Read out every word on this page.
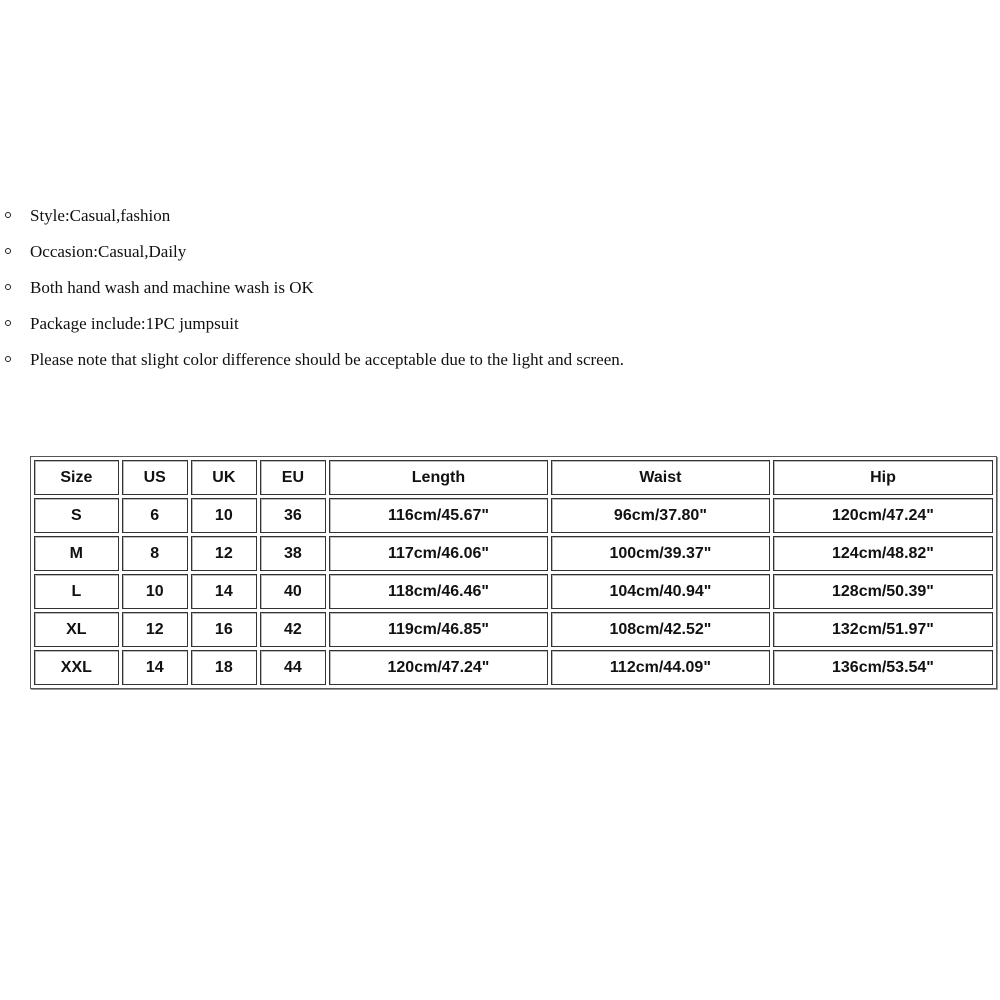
Style:Casual,fashion
Occasion:Casual,Daily
Both hand wash and machine wash is OK
Package include:1PC jumpsuit
Please note that slight color difference should be acceptable due to the light and screen.
Size	US	UK	EU	Length	Waist	Hip
S	6	10	36	116cm/45.67"	96cm/37.80"	120cm/47.24"
M	8	12	38	117cm/46.06"	100cm/39.37"	124cm/48.82"
L	10	14	40	118cm/46.46"	104cm/40.94"	128cm/50.39"
XL	12	16	42	119cm/46.85"	108cm/42.52"	132cm/51.97"
XXL	14	18	44	120cm/47.24"	112cm/44.09"	136cm/53.54"
